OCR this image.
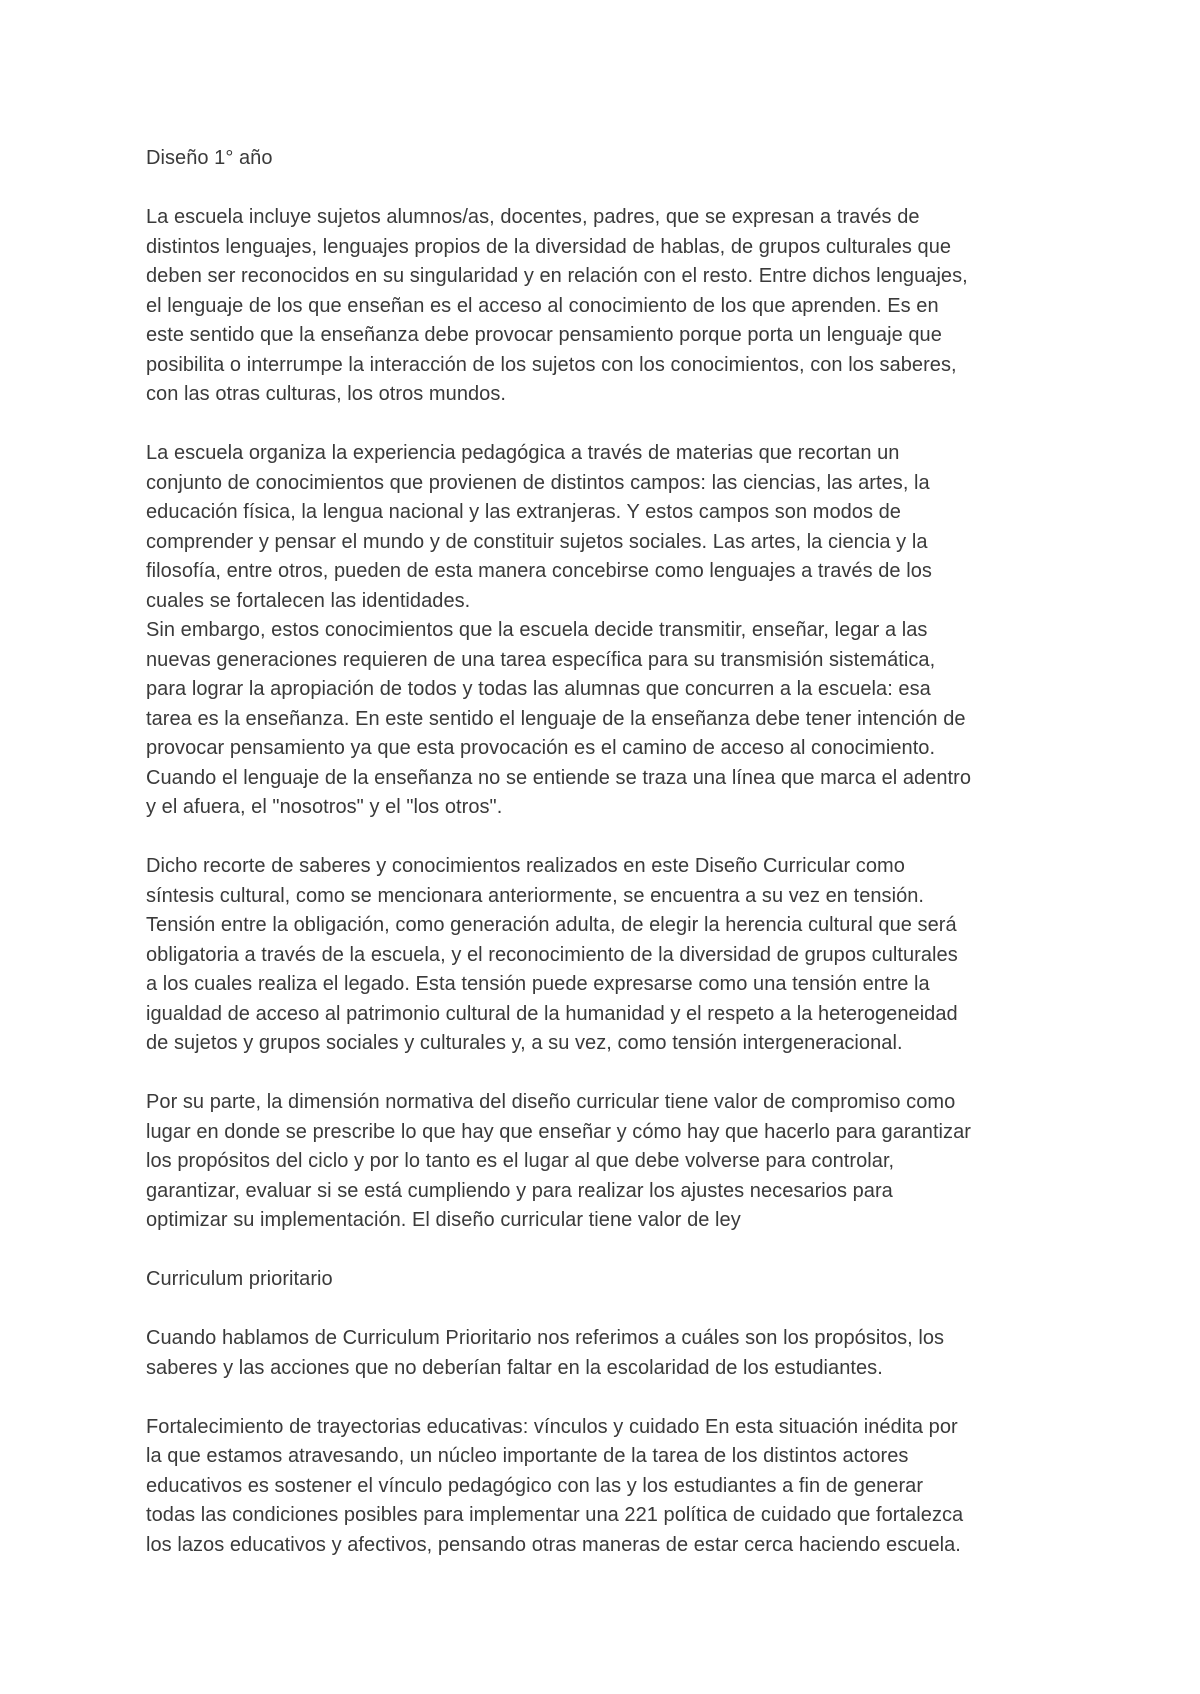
Diseño 1° año

La escuela incluye sujetos alumnos/as, docentes, padres, que se expresan a través de

distintos lenguajes, lenguajes propios de la diversidad de hablas, de grupos culturales que

deben ser reconocidos en su singularidad y en relación con el resto. Entre dichos lenguajes,

el lenguaje de los que enseñan es el acceso al conocimiento de los que aprenden. Es en

este sentido que la enseñanza debe provocar pensamiento porque porta un lenguaje que

posibilita o interrumpe la interacción de los sujetos con los conocimientos, con los saberes,

con las otras culturas, los otros mundos.

La escuela organiza la experiencia pedagógica a través de materias que recortan un

conjunto de conocimientos que provienen de distintos campos: las ciencias, las artes, la

educación física, la lengua nacional y las extranjeras. Y estos campos son modos de

comprender y pensar el mundo y de constituir sujetos sociales. Las artes, la ciencia y la

filosofía, entre otros, pueden de esta manera concebirse como lenguajes a través de los

cuales se fortalecen las identidades.

Sin embargo, estos conocimientos que la escuela decide transmitir, enseñar, legar a las

nuevas generaciones requieren de una tarea específica para su transmisión sistemática,

para lograr la apropiación de todos y todas las alumnas que concurren a la escuela: esa

tarea es la enseñanza. En este sentido el lenguaje de la enseñanza debe tener intención de

provocar pensamiento ya que esta provocación es el camino de acceso al conocimiento.

Cuando el lenguaje de la enseñanza no se entiende se traza una línea que marca el adentro

y el afuera, el "nosotros" y el "los otros".

Dicho recorte de saberes y conocimientos realizados en este Diseño Curricular como

síntesis cultural, como se mencionara anteriormente, se encuentra a su vez en tensión.

Tensión entre la obligación, como generación adulta, de elegir la herencia cultural que será

obligatoria a través de la escuela, y el reconocimiento de la diversidad de grupos culturales

a los cuales realiza el legado. Esta tensión puede expresarse como una tensión entre la

igualdad de acceso al patrimonio cultural de la humanidad y el respeto a la heterogeneidad

de sujetos y grupos sociales y culturales y, a su vez, como tensión intergeneracional.

Por su parte, la dimensión normativa del diseño curricular tiene valor de compromiso como

lugar en donde se prescribe lo que hay que enseñar y cómo hay que hacerlo para garantizar

los propósitos del ciclo y por lo tanto es el lugar al que debe volverse para controlar,

garantizar, evaluar si se está cumpliendo y para realizar los ajustes necesarios para

optimizar su implementación. El diseño curricular tiene valor de ley

Curriculum prioritario

Cuando hablamos de Curriculum Prioritario nos referimos a cuáles son los propósitos, los

saberes y las acciones que no deberían faltar en la escolaridad de los estudiantes.

Fortalecimiento de trayectorias educativas: vínculos y cuidado En esta situación inédita por

la que estamos atravesando, un núcleo importante de la tarea de los distintos actores

educativos es sostener el vínculo pedagógico con las y los estudiantes a fin de generar

todas las condiciones posibles para implementar una 221 política de cuidado que fortalezca

los lazos educativos y afectivos, pensando otras maneras de estar cerca haciendo escuela.
